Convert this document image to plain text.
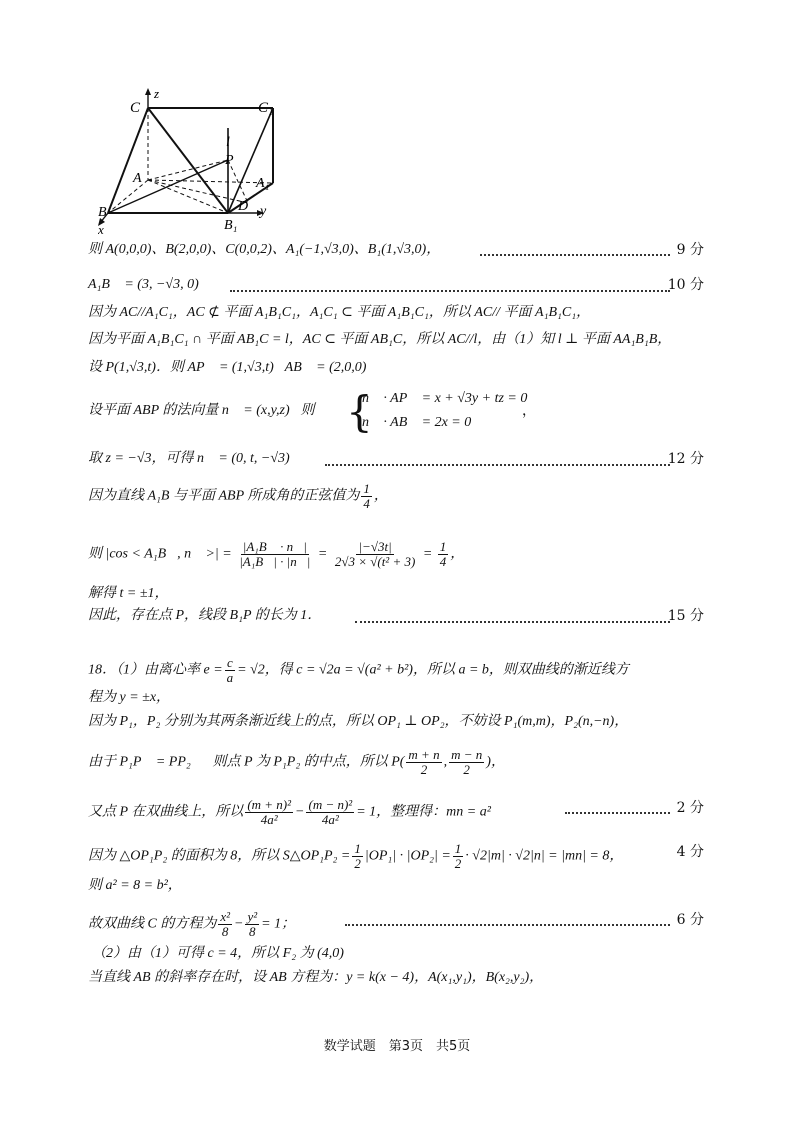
z
C	C₁
l
P
A	A₁
B	D y
x	B₁
则 A(0,0,0)、B(2,0,0)、C(0,0,2)、A₁(−1,√3,0)、B₁(1,√3,0)，	9 分
A₁B⃗ = (3, −√3, 0)，	10 分
因为 AC//A₁C₁，AC ⊄ 平面 A₁B₁C₁，A₁C₁ ⊂ 平面 A₁B₁C₁，所以 AC// 平面 A₁B₁C₁，
因为平面 A₁B₁C₁ ∩ 平面 AB₁C = l，AC ⊂ 平面 AB₁C，所以 AC//l，由（1）知 l ⊥ 平面 AA₁B₁B，
设 P(1,√3,t)．则 AP⃗ = (1,√3,t)，AB⃗ = (2,0,0)．
设平面 ABP 的法向量 n⃗ = (x,y,z)，则 {
n⃗ · AP⃗ = x + √3y + tz = 0
n⃗ · AB⃗ = 2x = 0
，
取 z = −√3，可得 n⃗ = (0, t, −√3)，	12 分
因为直线 A₁B 与平面 ABP 所成角的正弦值为 $\frac{1}{4}$ ，
则 |cos < A₁B⃗, n⃗ >| = $\frac{\text{|A₁B⃗ · n⃗|}}{\text{|A₁B⃗| · |n⃗|}} = \frac{|-√3t|}{\text{2√3 × √(t² + 3)}} = \frac{1}{4}$ ，
解得 t = ±1，
因此，存在点 P，线段 B₁P 的长为 1．	15 分
18．（1）由离心率 $e = \frac{c}{a} = √2$，得 c = √2a = √(a² + b²)，所以 a = b，则双曲线的渐近线方
程为 y = ±x，
因为 P₁，P₂ 分别为其两条渐近线上的点，所以 OP₁ ⊥ OP₂，不妨设 P₁(m,m)，P₂(n,−n)，
由于 P₁P⃗ = PP₂⃗，则点 P 为 P₁P₂ 的中点，所以 $P( \frac{m + n}{2}$ , $\frac{m - n}{2}$ )，
又点 P 在双曲线上，所以 $\frac{\text{(m + n)²}}{\text{4a²}} - \frac{\text{(m − n)²}}{\text{4a²}} = 1$，整理得：mn = a²	2 分
因为 △OP₁P₂ 的面积为 8，所以 S△OP₁P₂ = $\frac{1}{2} |OP_1| \cdot |OP_2| = \frac{1}{2} \cdot √2|m| \cdot √2|n| = |mn| = 8$，	4 分
则 a² = 8 = b²，
故双曲线 C 的方程为 $\frac{\text{x²}}{8} - \frac{\text{y²}}{8} = 1$；	6 分
（2）由（1）可得 c = 4，所以 F₂ 为 (4,0)
当直线 AB 的斜率存在时，设 AB 方程为：y = k(x − 4)，A(x₁,y₁)，B(x₂,y₂)，
数学试题　第3页　共5页
